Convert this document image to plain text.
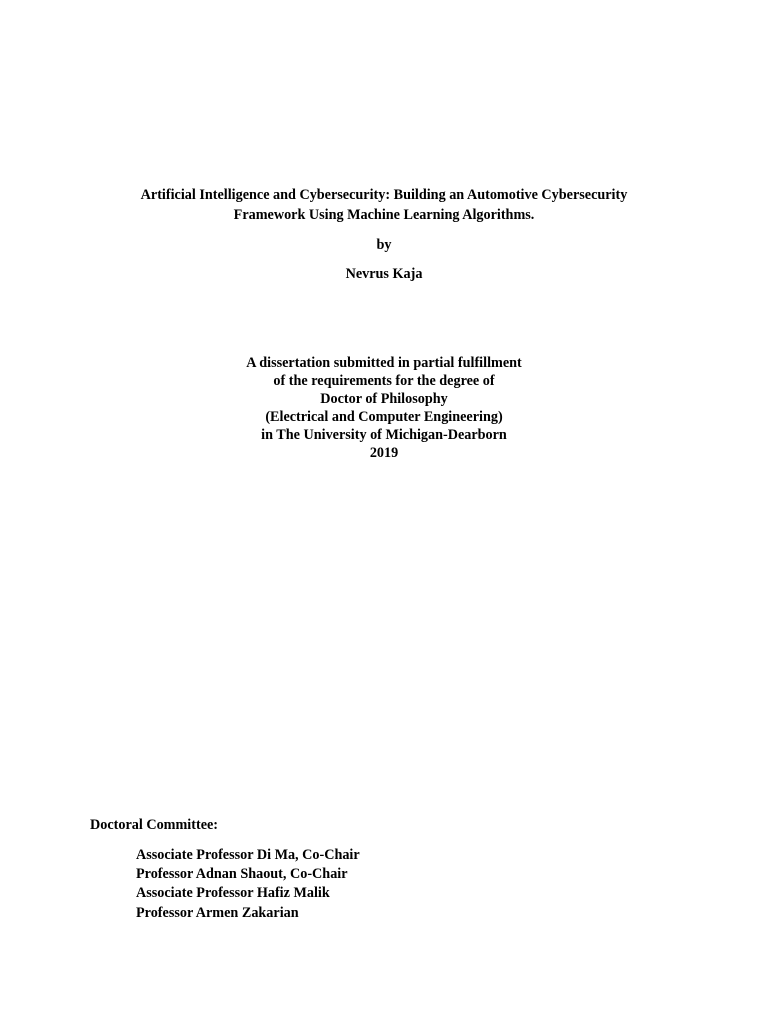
Artificial Intelligence and Cybersecurity: Building an Automotive Cybersecurity
Framework Using Machine Learning Algorithms.
by
Nevrus Kaja
A dissertation submitted in partial fulfillment
of the requirements for the degree of
Doctor of Philosophy
(Electrical and Computer Engineering)
in The University of Michigan-Dearborn
2019
Doctoral Committee:
Associate Professor Di Ma, Co-Chair
Professor Adnan Shaout, Co-Chair
Associate Professor Hafiz Malik
Professor Armen Zakarian
